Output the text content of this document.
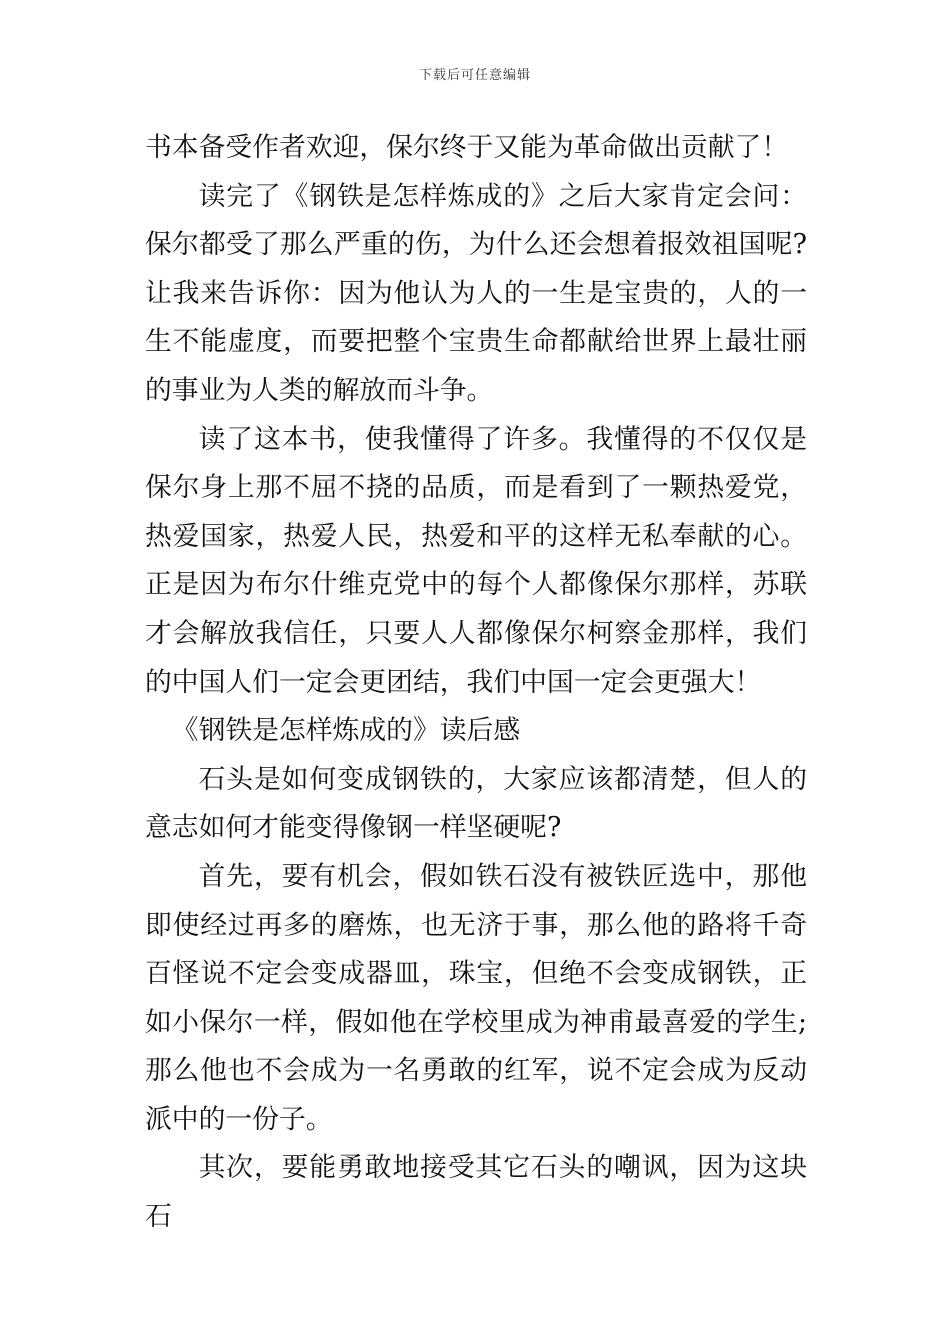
下载后可任意编辑

书本备受作者欢迎，保尔终于又能为革命做出贡献了！

读完了《钢铁是怎样炼成的》之后大家肯定会问：保尔都受了那么严重的伤，为什么还会想着报效祖国呢?让我来告诉你：因为他认为人的一生是宝贵的，人的一生不能虚度，而要把整个宝贵生命都献给世界上最壮丽的事业为人类的解放而斗争。

读了这本书，使我懂得了许多。我懂得的不仅仅是保尔身上那不屈不挠的品质，而是看到了一颗热爱党，热爱国家，热爱人民，热爱和平的这样无私奉献的心。正是因为布尔什维克党中的每个人都像保尔那样，苏联才会解放我信任，只要人人都像保尔柯察金那样，我们的中国人们一定会更团结，我们中国一定会更强大！

《钢铁是怎样炼成的》读后感

石头是如何变成钢铁的，大家应该都清楚，但人的意志如何才能变得像钢一样坚硬呢?

首先，要有机会，假如铁石没有被铁匠选中，那他即使经过再多的磨炼，也无济于事，那么他的路将千奇百怪说不定会变成器皿，珠宝，但绝不会变成钢铁，正如小保尔一样，假如他在学校里成为神甫最喜爱的学生;那么他也不会成为一名勇敢的红军，说不定会成为反动派中的一份子。

其次，要能勇敢地接受其它石头的嘲讽，因为这块石
